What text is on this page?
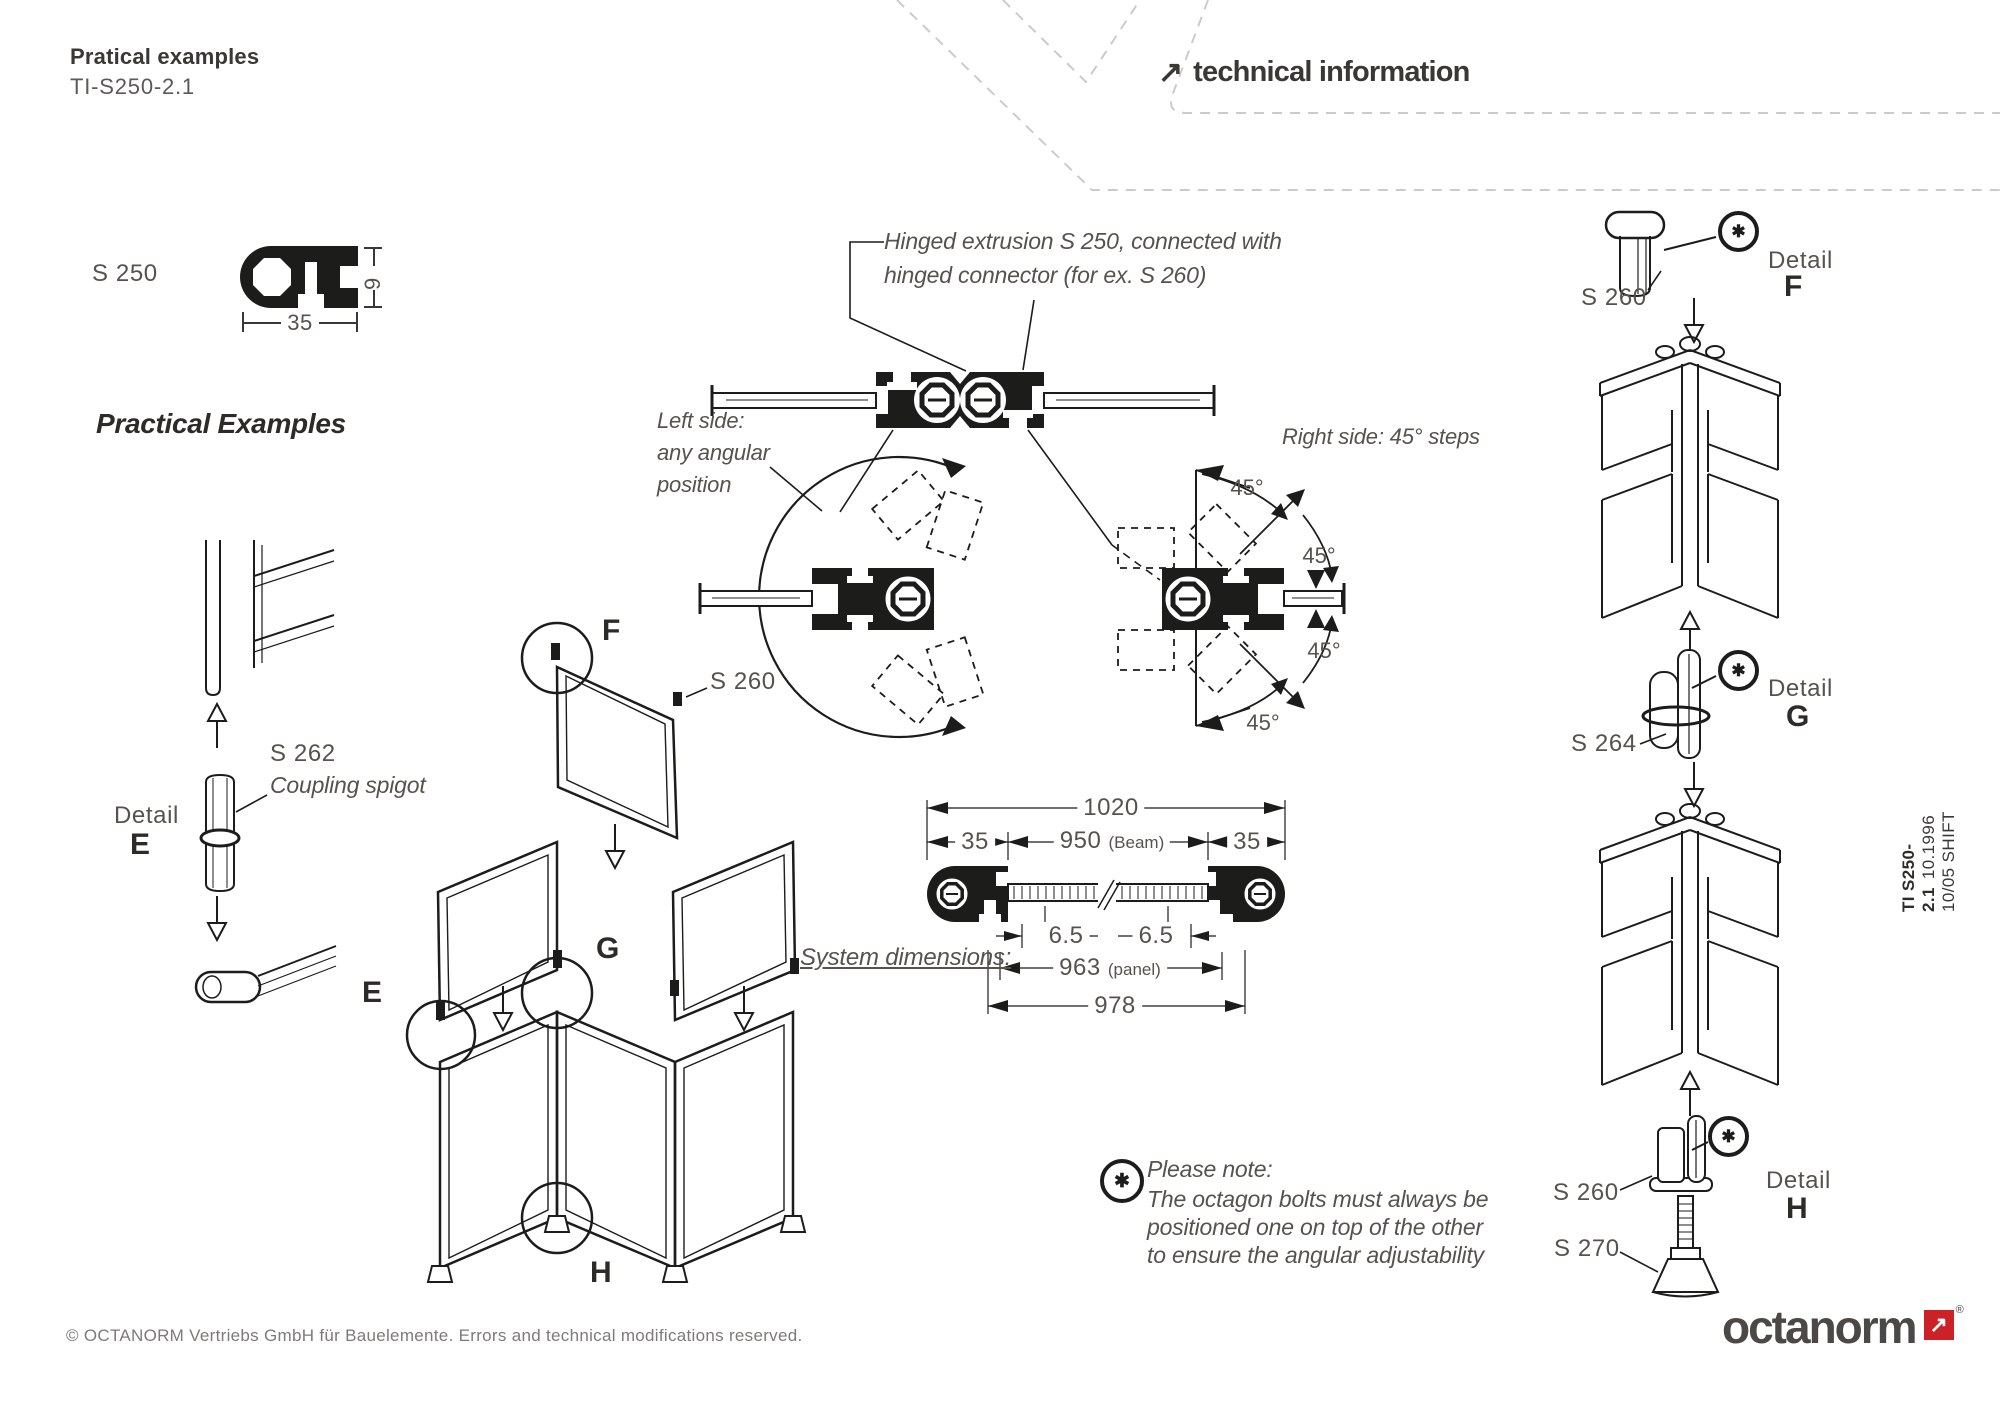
Pratical examples
TI-S250-2.1	↗ technical information
S 250
35
9
Practical Examples
Hinged extrusion S 250, connected with
hinged connector (for ex. S 260)
Left side:
any angular
position
Right side: 45° steps
45°
45°
45°
45°
F
G
E
H
S 260
Detail
E
S 262
Coupling spigot
S 260
Detail
F
S 264
Detail
G
S 260
S 270
Detail
H
System dimensions:
1020
35	950 (Beam)	35
6.5 6.5
963 (panel)
978
✱
✱
✱
✱
Please note:
The octagon bolts must always be
positioned one on top of the other
to ensure the angular adjustability
TI S250-2.110.1996 10/05 SHIFT
© OCTANORM Vertriebs GmbH für Bauelemente. Errors and technical modifications reserved.	octanorm ↗
®
